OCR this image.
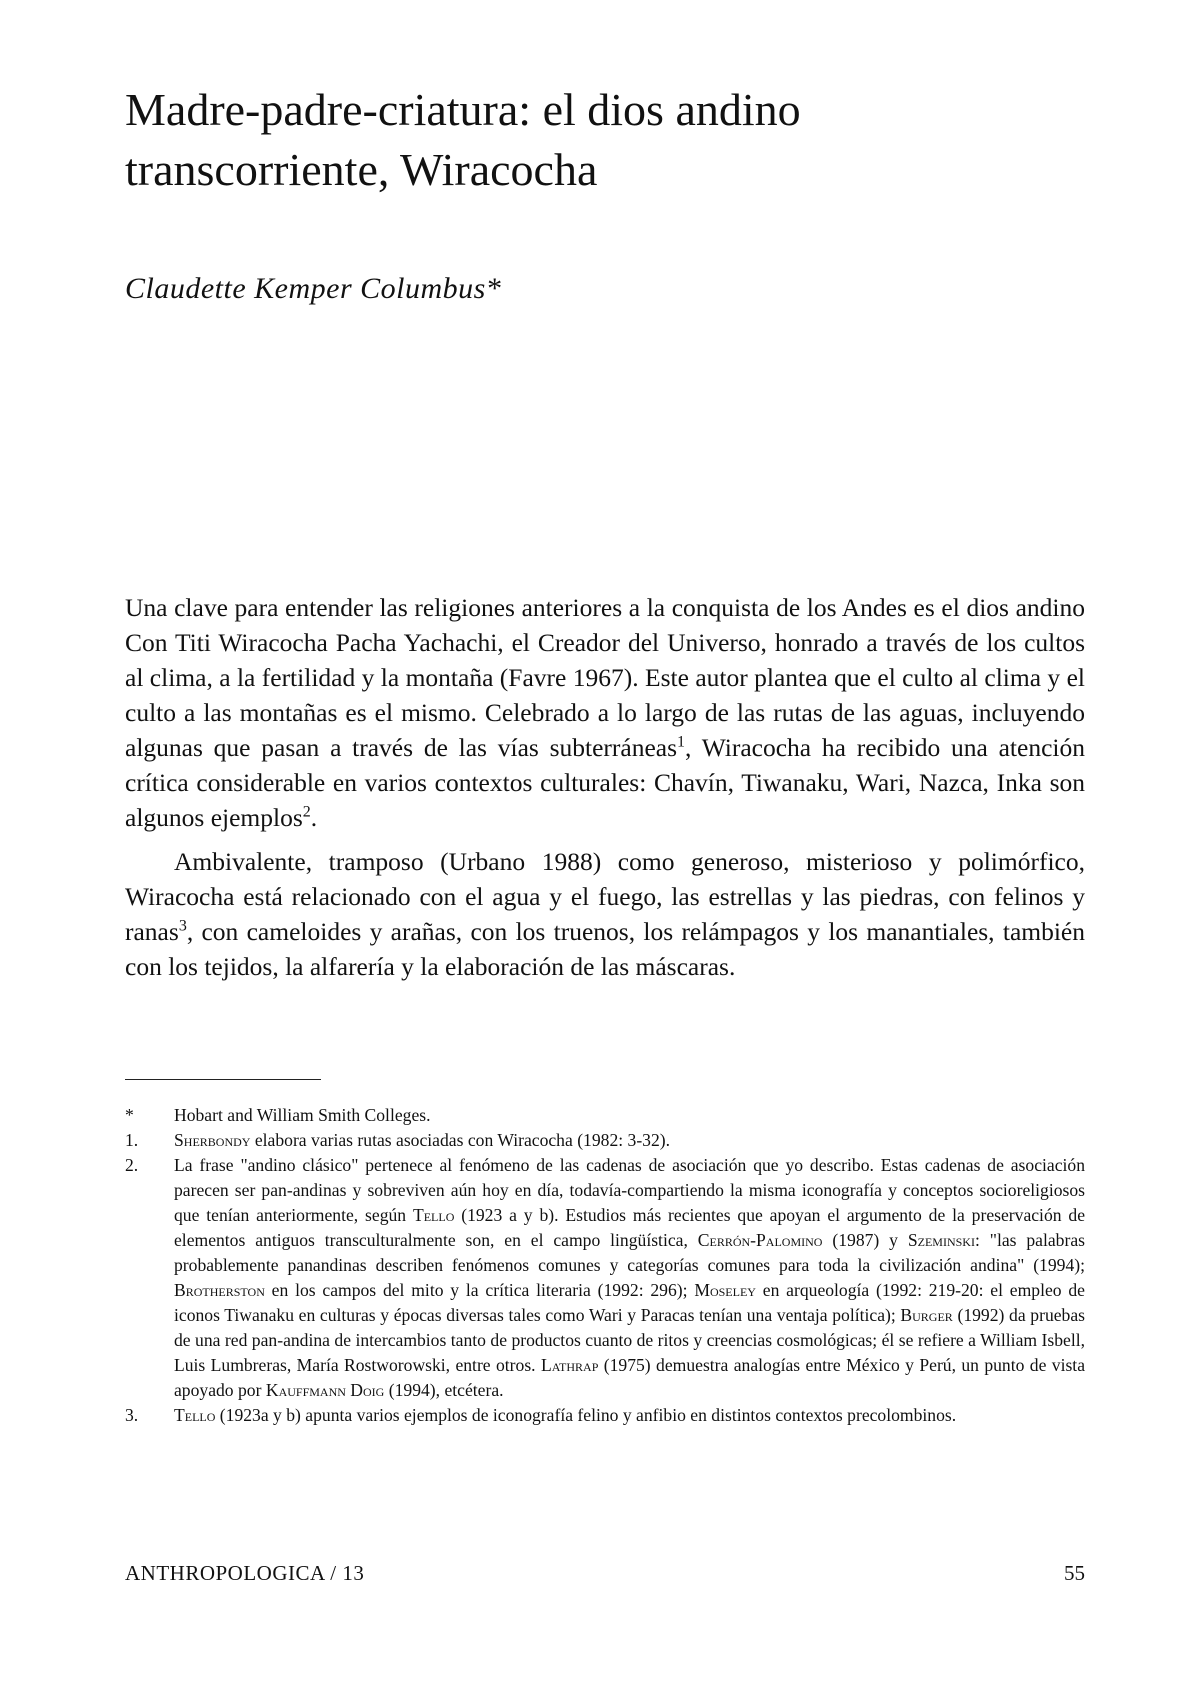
Madre-padre-criatura: el dios andino
transcorriente, Wiracocha
Claudette Kemper Columbus*

Una clave para entender las religiones anteriores a la conquista de los Andes es el dios andino Con Titi Wiracocha Pacha Yachachi, el Creador del Universo, honrado a través de los cultos al clima, a la fertilidad y la montaña (Favre 1967). Este autor plantea que el culto al clima y el culto a las montañas es el mismo. Celebrado a lo largo de las rutas de las aguas, incluyendo algunas que pasan a través de las vías subterráneas$^1$, Wiracocha ha recibido una atención crítica considerable en varios contextos culturales: Chavín, Tiwanaku, Wari, Nazca, Inka son algunos ejemplos$^2$.

Ambivalente, tramposo (Urbano 1988) como generoso, misterioso y polimórfico, Wiracocha está relacionado con el agua y el fuego, las estrellas y las piedras, con felinos y ranas$^3$, con cameloides y arañas, con los truenos, los relámpagos y los manantiales, también con los tejidos, la alfarería y la elaboración de las máscaras.

*	Hobart and William Smith Colleges.
1.	Sherbondy elabora varias rutas asociadas con Wiracocha (1982: 3-32).
2.	La frase "andino clásico" pertenece al fenómeno de las cadenas de asociación que yo describo. Estas cadenas de asociación parecen ser pan-andinas y sobreviven aún hoy en día, todavía-compartiendo la misma iconografía y conceptos socioreligiosos que tenían anteriormente, según Tello (1923 a y b). Estudios más recientes que apoyan el argumento de la preservación de elementos antiguos transculturalmente son, en el campo lingüística, Cerrón-Palomino (1987) y Szeminski: "las palabras probablemente panandinas describen fenómenos comunes y categorías comunes para toda la civilización andina" (1994); Brotherston en los campos del mito y la crítica literaria (1992: 296); Moseley en arqueología (1992: 219-20: el empleo de iconos Tiwanaku en culturas y épocas diversas tales como Wari y Paracas tenían una ventaja política); Burger (1992) da pruebas de una red pan-andina de intercambios tanto de productos cuanto de ritos y creencias cosmológicas; él se refiere a William Isbell, Luis Lumbreras, María Rostworowski, entre otros. Lathrap (1975) demuestra analogías entre México y Perú, un punto de vista apoyado por Kauffmann Doig (1994), etcétera.
3.	Tello (1923a y b) apunta varios ejemplos de iconografía felino y anfibio en distintos contextos precolombinos.
ANTHROPOLOGICA / 13	55
